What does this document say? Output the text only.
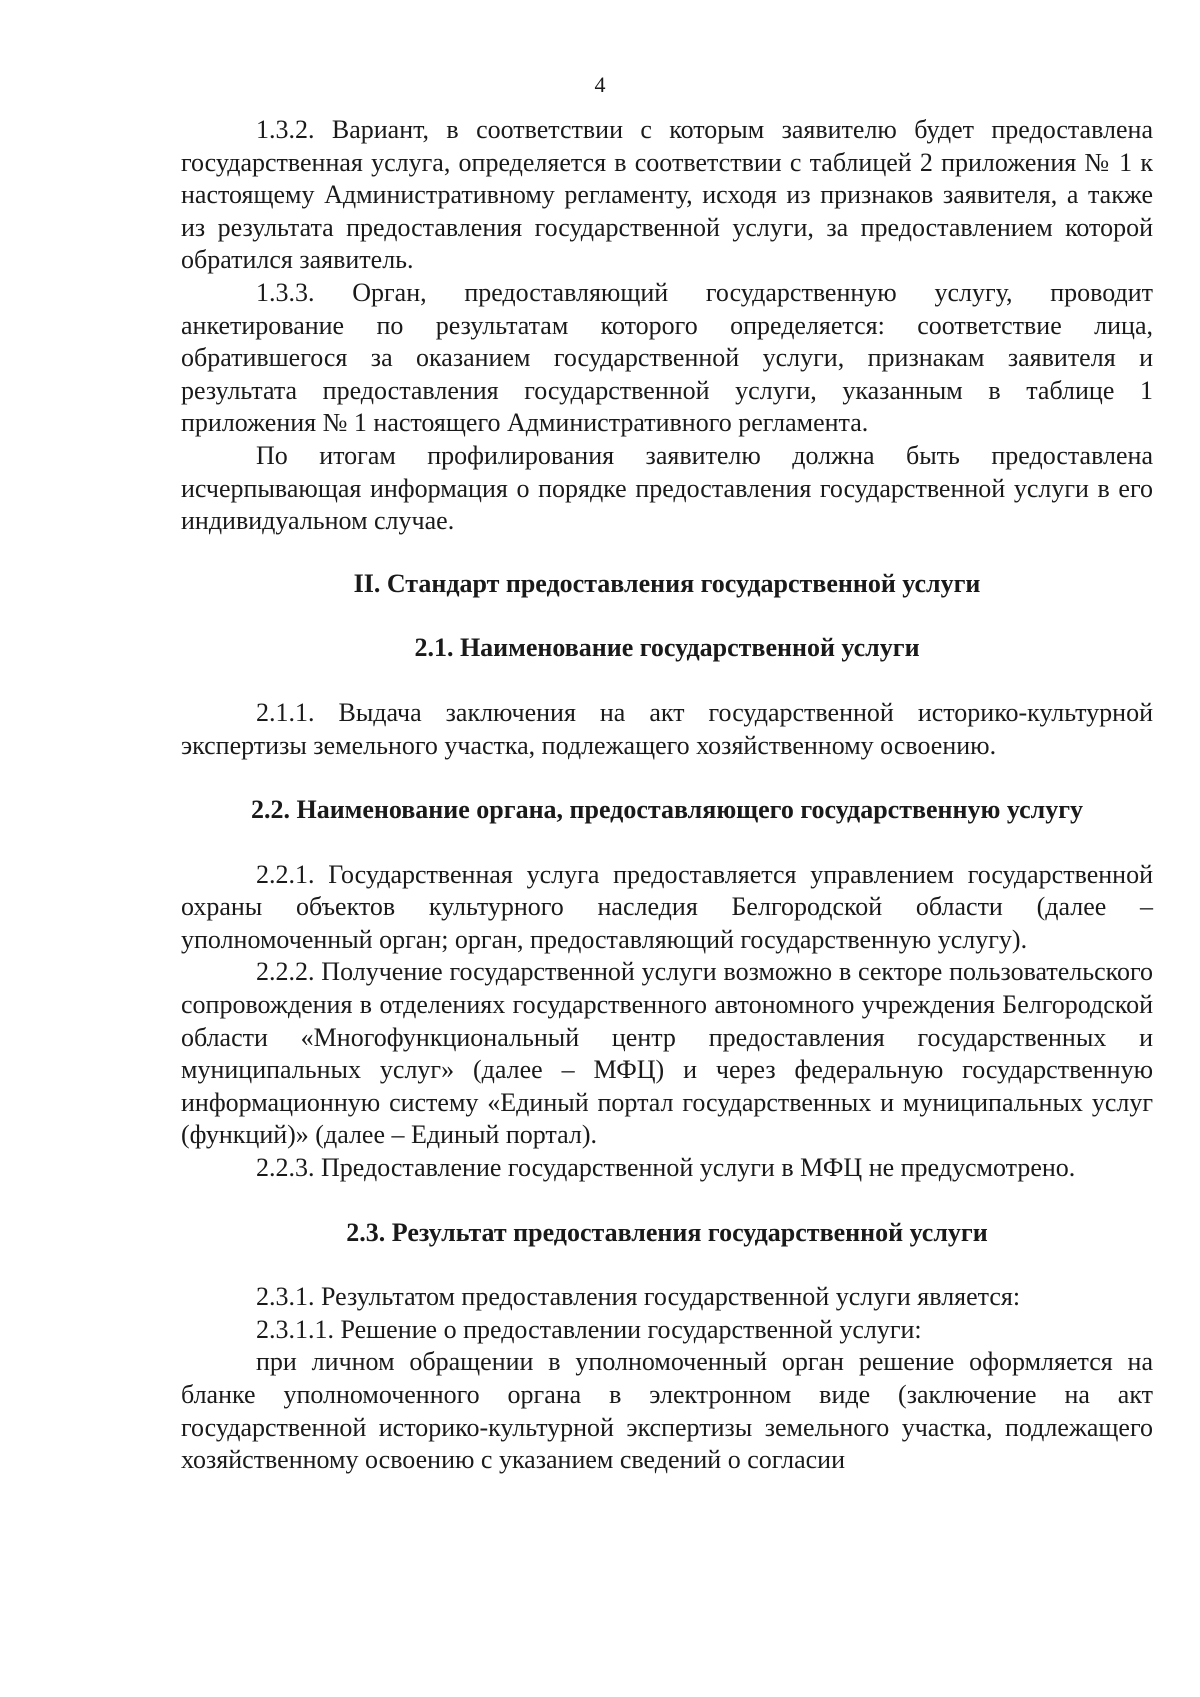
4

1.3.2. Вариант, в соответствии с которым заявителю будет предоставлена государственная услуга, определяется в соответствии с таблицей 2 приложения № 1 к настоящему Административному регламенту, исходя из признаков заявителя, а также из результата предоставления государственной услуги, за предоставлением которой обратился заявитель.

1.3.3. Орган, предоставляющий государственную услугу, проводит анкетирование по результатам которого определяется: соответствие лица, обратившегося за оказанием государственной услуги, признакам заявителя и результата предоставления государственной услуги, указанным в таблице 1 приложения № 1 настоящего Административного регламента.

По итогам профилирования заявителю должна быть предоставлена исчерпывающая информация о порядке предоставления государственной услуги в его индивидуальном случае.

II. Стандарт предоставления государственной услуги
2.1. Наименование государственной услуги

2.1.1. Выдача заключения на акт государственной историко-культурной экспертизы земельного участка, подлежащего хозяйственному освоению.

2.2. Наименование органа, предоставляющего государственную услугу

2.2.1. Государственная услуга предоставляется управлением государственной охраны объектов культурного наследия Белгородской области (далее – уполномоченный орган; орган, предоставляющий государственную услугу).

2.2.2. Получение государственной услуги возможно в секторе пользовательского сопровождения в отделениях государственного автономного учреждения Белгородской области «Многофункциональный центр предоставления государственных и муниципальных услуг» (далее – МФЦ) и через федеральную государственную информационную систему «Единый портал государственных и муниципальных услуг (функций)» (далее – Единый портал).

2.2.3. Предоставление государственной услуги в МФЦ не предусмотрено.

2.3. Результат предоставления государственной услуги

2.3.1. Результатом предоставления государственной услуги является:

2.3.1.1. Решение о предоставлении государственной услуги:

при личном обращении в уполномоченный орган решение оформляется на бланке уполномоченного органа в электронном виде (заключение на акт государственной историко-культурной экспертизы земельного участка, подлежащего хозяйственному освоению с указанием сведений о согласии
